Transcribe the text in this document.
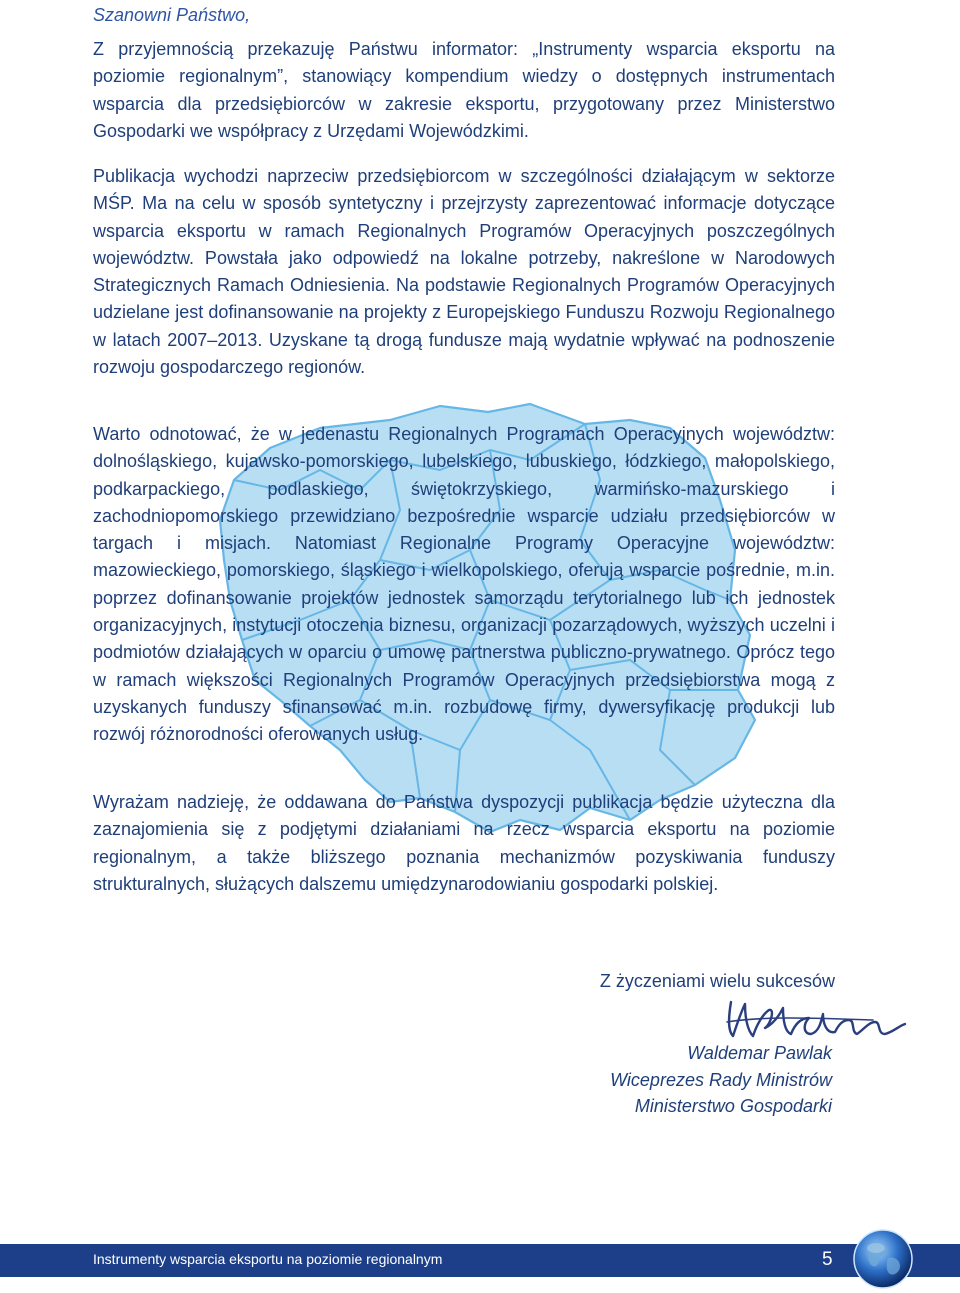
Szanowni Państwo,

Z przyjemnością przekazuję Państwu informator: „Instrumenty wsparcia eksportu na poziomie regionalnym”, stanowiący kompendium wiedzy o dostępnych instrumentach wsparcia dla przedsiębiorców w zakresie eksportu, przygotowany przez Ministerstwo Gospodarki we współpracy z Urzędami Wojewódzkimi.

Publikacja wychodzi naprzeciw przedsiębiorcom w szczególności działającym w sektorze MŚP. Ma na celu w sposób syntetyczny i przejrzysty zaprezentować informacje dotyczące wsparcia eksportu w ramach Regionalnych Programów Operacyjnych poszczególnych województw. Powstała jako odpowiedź na lokalne potrzeby, nakreślone w Narodowych Strategicznych Ramach Odniesienia. Na podstawie Regionalnych Programów Operacyjnych udzielane jest dofinansowanie na projekty z Europejskiego Funduszu Rozwoju Regionalnego w latach 2007–2013. Uzyskane tą drogą fundusze mają wydatnie wpływać na podnoszenie rozwoju gospodarczego regionów.

Warto odnotować, że w jedenastu Regionalnych Programach Operacyjnych województw: dolnośląskiego, kujawsko-pomorskiego, lubelskiego, lubuskiego, łódzkiego, małopolskiego, podkarpackiego, podlaskiego, świętokrzyskiego, warmińsko-mazurskiego i zachodniopomorskiego przewidziano bezpośrednie wsparcie udziału przedsiębiorców w targach i misjach. Natomiast Regionalne Programy Operacyjne województw: mazowieckiego, pomorskiego, śląskiego i wielkopolskiego, oferują wsparcie pośrednie, m.in. poprzez dofinansowanie projektów jednostek samorządu terytorialnego lub ich jednostek organizacyjnych, instytucji otoczenia biznesu, organizacji pozarządowych, wyższych uczelni i podmiotów działających w oparciu o umowę partnerstwa publiczno-prywatnego. Oprócz tego w ramach większości Regionalnych Programów Operacyjnych przedsiębiorstwa mogą z uzyskanych funduszy sfinansować m.in. rozbudowę firmy, dywersyfikację produkcji lub rozwój różnorodności oferowanych usług.

Wyrażam nadzieję, że oddawana do Państwa dyspozycji publikacja będzie użyteczna dla zaznajomienia się z podjętymi działaniami na rzecz wsparcia eksportu na poziomie regionalnym, a także bliższego poznania mechanizmów pozyskiwania funduszy strukturalnych, służących dalszemu umiędzynarodowianiu gospodarki polskiej.

Z życzeniami wielu sukcesów

Waldemar Pawlak
Wiceprezes Rady Ministrów
Ministerstwo Gospodarki
Instrumenty wsparcia eksportu na poziomie regionalnym	5
